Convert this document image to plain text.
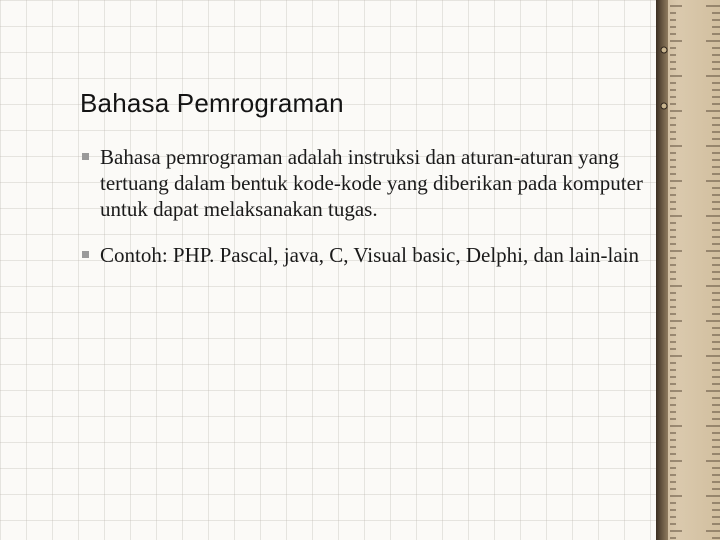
Bahasa Pemrograman
Bahasa pemrograman adalah instruksi dan aturan-aturan yang tertuang dalam bentuk kode-kode yang diberikan pada komputer untuk dapat melaksanakan tugas.
Contoh: PHP. Pascal, java, C, Visual basic, Delphi, dan lain-lain
